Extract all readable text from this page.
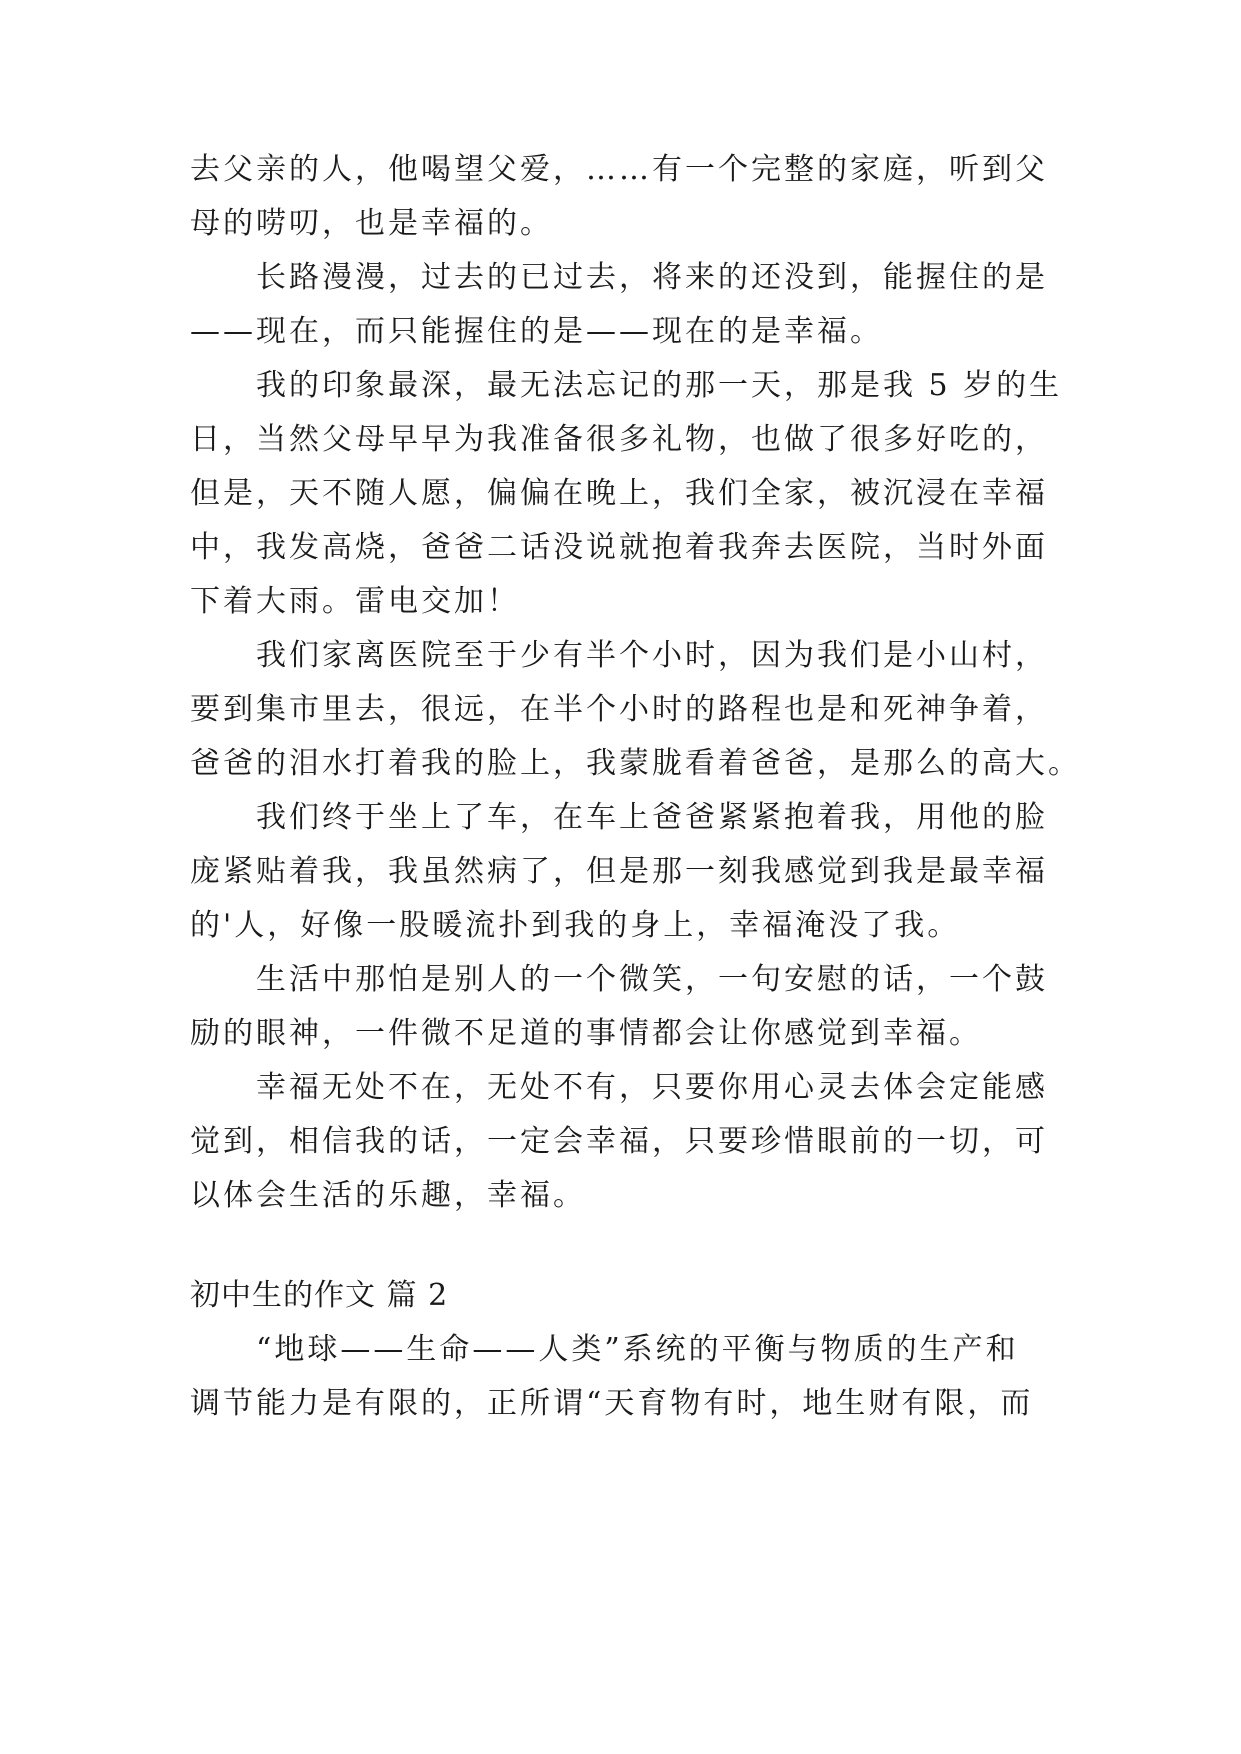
去父亲的人，他喝望父爱，……有一个完整的家庭，听到父
母的唠叨，也是幸福的。
长路漫漫，过去的已过去，将来的还没到，能握住的是
——现在，而只能握住的是——现在的是幸福。
我的印象最深，最无法忘记的那一天，那是我 5 岁的生
日，当然父母早早为我准备很多礼物，也做了很多好吃的，
但是，天不随人愿，偏偏在晚上，我们全家，被沉浸在幸福
中，我发高烧，爸爸二话没说就抱着我奔去医院，当时外面
下着大雨。雷电交加！
我们家离医院至于少有半个小时，因为我们是小山村，
要到集市里去，很远，在半个小时的路程也是和死神争着，
爸爸的泪水打着我的脸上，我蒙胧看着爸爸，是那么的高大。
我们终于坐上了车，在车上爸爸紧紧抱着我，用他的脸
庞紧贴着我，我虽然病了，但是那一刻我感觉到我是最幸福
的'人，好像一股暖流扑到我的身上，幸福淹没了我。
生活中那怕是别人的一个微笑，一句安慰的话，一个鼓
励的眼神，一件微不足道的事情都会让你感觉到幸福。
幸福无处不在，无处不有，只要你用心灵去体会定能感
觉到，相信我的话，一定会幸福，只要珍惜眼前的一切，可
以体会生活的乐趣，幸福。
初中生的作文 篇 2
“地球——生命——人类”系统的平衡与物质的生产和
调节能力是有限的，正所谓“天育物有时，地生财有限，而
